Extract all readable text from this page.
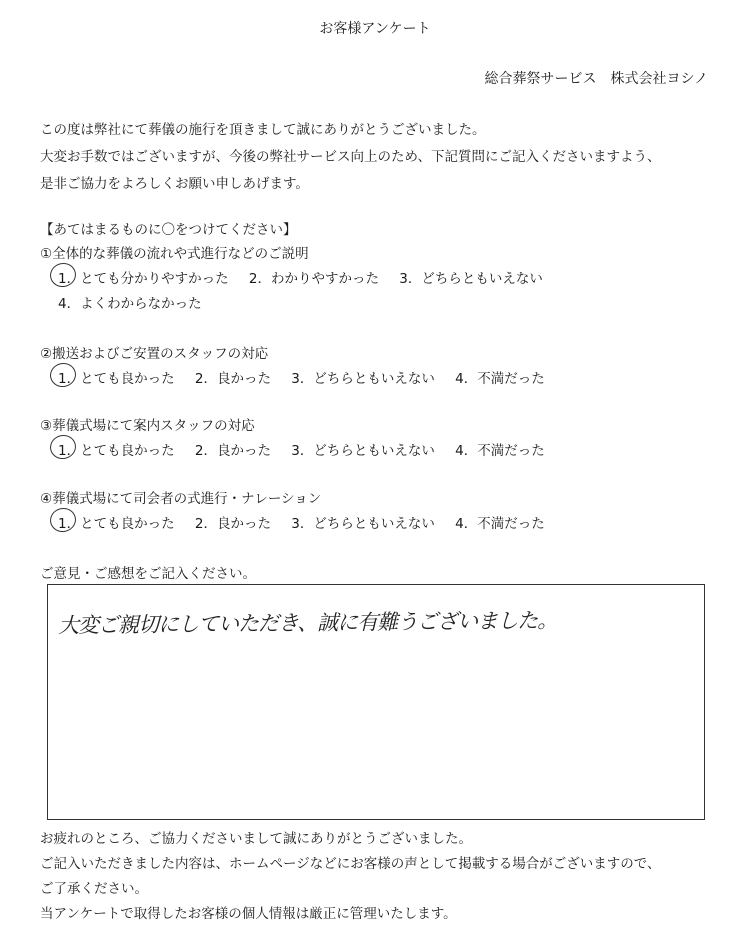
お客様アンケート
総合葬祭サービス　株式会社ヨシノ
この度は弊社にて葬儀の施行を頂きまして誠にありがとうございました。
大変お手数ではございますが、今後の弊社サービス向上のため、下記質問にご記入くださいますよう、
是非ご協力をよろしくお願い申しあげます。
【あてはまるものに〇をつけてください】
①全体的な葬儀の流れや式進行などのご説明
1．とても分かりやすかった 2．わかりやすかった 3．どちらともいえない
4．よくわからなかった
②搬送およびご安置のスタッフの対応
1．とても良かった 2．良かった 3．どちらともいえない 4．不満だった
③葬儀式場にて案内スタッフの対応
1．とても良かった 2．良かった 3．どちらともいえない 4．不満だった
④葬儀式場にて司会者の式進行・ナレーション
1．とても良かった 2．良かった 3．どちらともいえない 4．不満だった
ご意見・ご感想をご記入ください。
大変ご親切にしていただき、誠に有難うございました。
お疲れのところ、ご協力くださいまして誠にありがとうございました。
ご記入いただきました内容は、ホームページなどにお客様の声として掲載する場合がございますので、
ご了承ください。
当アンケートで取得したお客様の個人情報は厳正に管理いたします。
